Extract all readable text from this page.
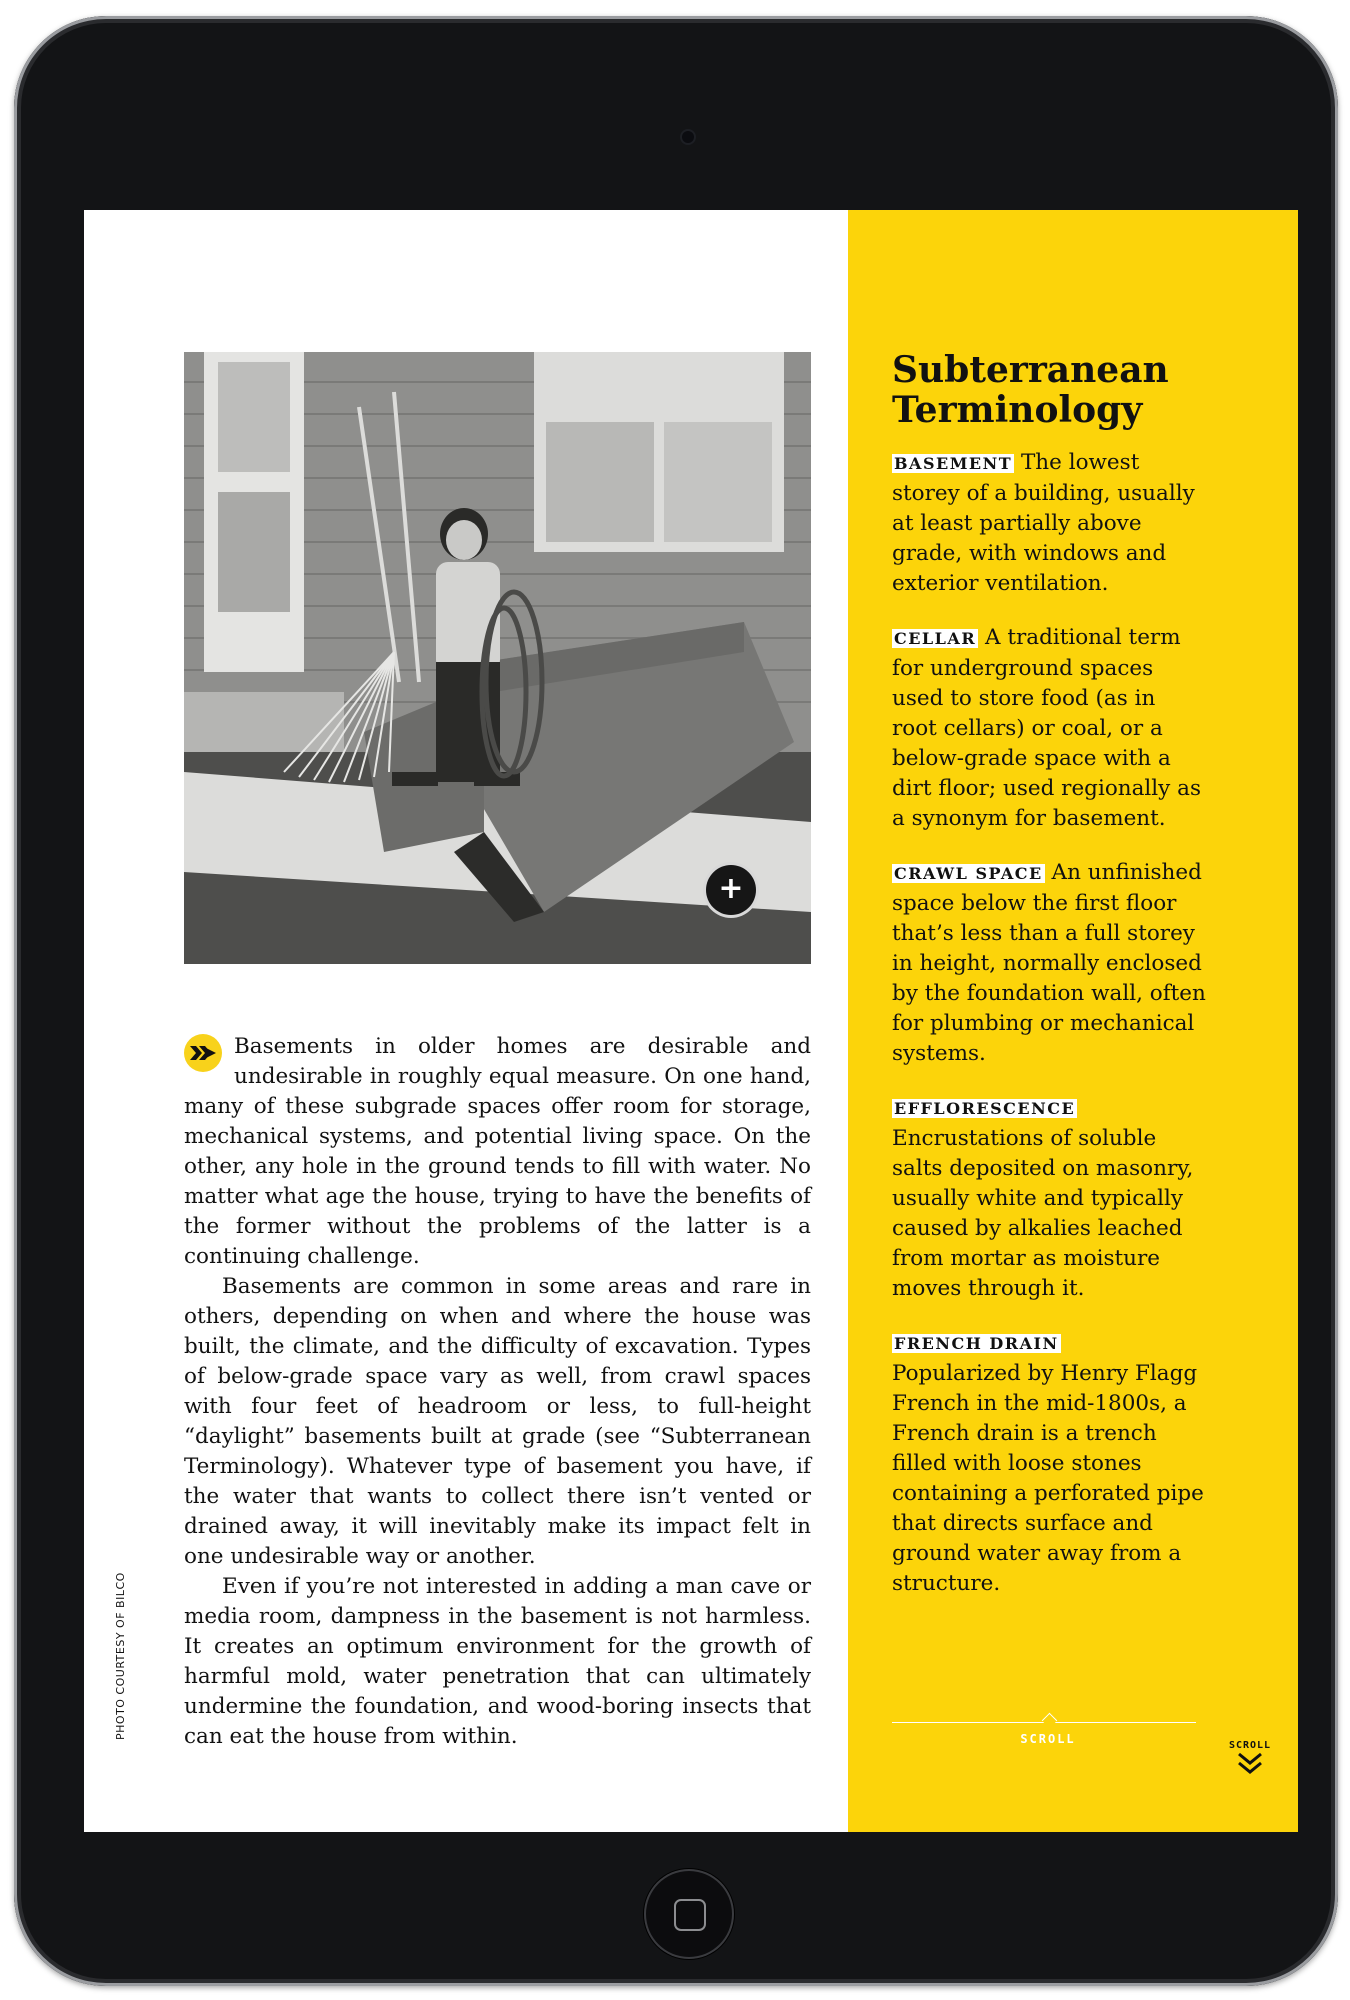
+
PHOTO COURTESY OF BILCO

Basements in older homes are desirable and undesirable in roughly equal measure. On one hand, many of these subgrade spaces offer room for storage, mechanical systems, and potential living space. On the other, any hole in the ground tends to fill with water. No matter what age the house, trying to have the benefits of the former without the problems of the latter is a continuing challenge.

Basements are common in some areas and rare in others, depending on when and where the house was built, the climate, and the difficulty of excavation. Types of below-grade space vary as well, from crawl spaces with four feet of headroom or less, to full-height “daylight” basements built at grade (see “Subterranean Terminology). Whatever type of basement you have, if the water that wants to collect there isn’t vented or drained away, it will inevitably make its impact felt in one undesirable way or another.

Even if you’re not interested in adding a man cave or media room, dampness in the basement is not harmless. It creates an optimum environment for the growth of harmful mold, water penetration that can ultimately undermine the foundation, and wood-boring insects that can eat the house from within.

Subterranean
Terminology
BASEMENT The lowest storey of a building, usually at least partially above grade, with windows and exterior ventilation.
CELLAR A traditional term for underground spaces used to store food (as in root cellars) or coal, or a below-grade space with a dirt floor; used regionally as a synonym for basement.
CRAWL SPACE An unfinished space below the first floor that’s less than a full storey in height, normally enclosed by the foundation wall, often for plumbing or mechanical systems.
EFFLORESCENCE
Encrustations of soluble salts deposited on masonry, usually white and typically caused by alkalies leached from mortar as moisture moves through it.
FRENCH DRAIN
Popularized by Henry Flagg French in the mid-1800s, a French drain is a trench filled with loose stones containing a perforated pipe that directs surface and ground water away from a structure.
SCROLL	SCROLL
